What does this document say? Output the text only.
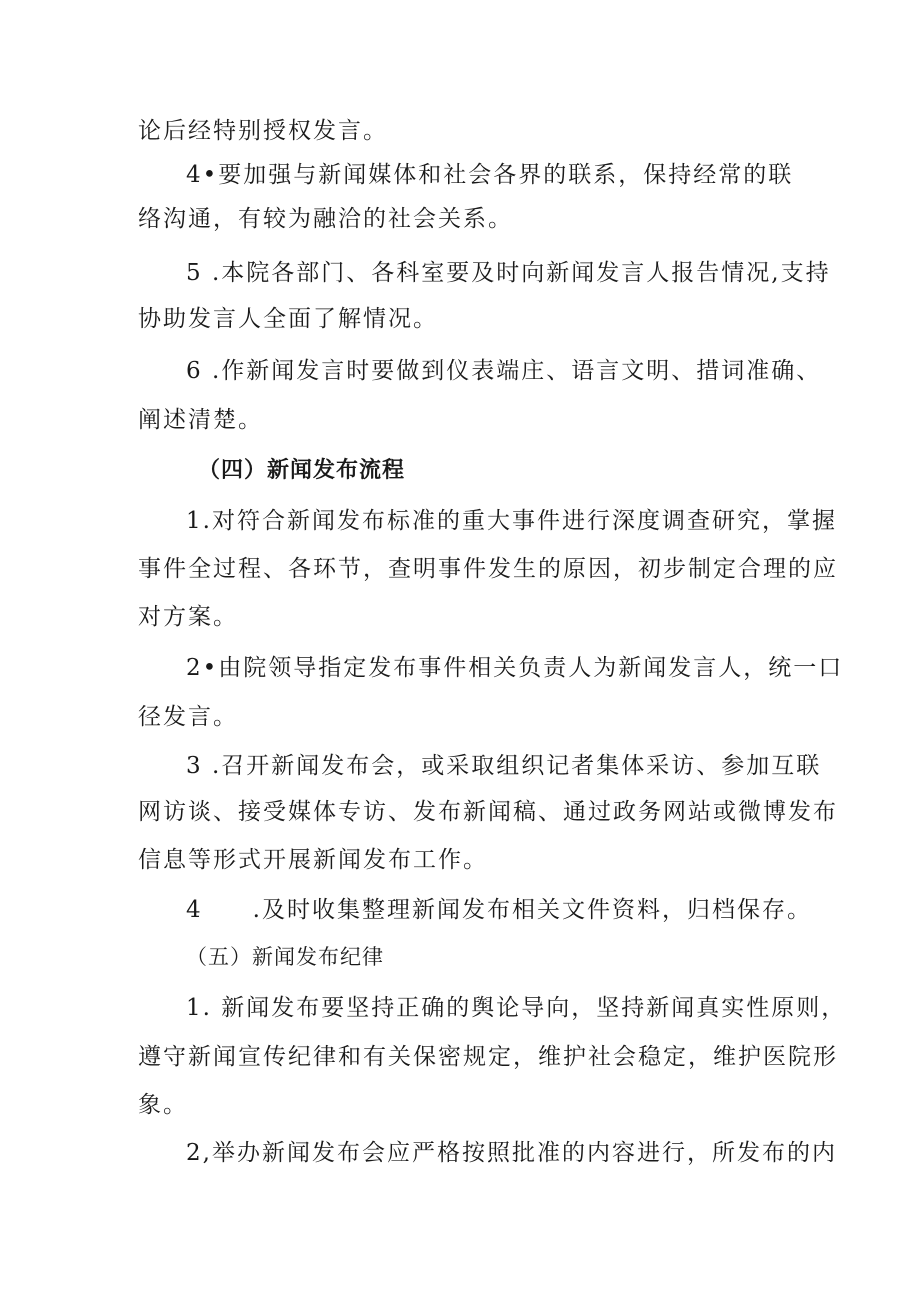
论后经特别授权发言。
4•要加强与新闻媒体和社会各界的联系，保持经常的联
络沟通，有较为融洽的社会关系。
5 .本院各部门、各科室要及时向新闻发言人报告情况,支持
协助发言人全面了解情况。
6 .作新闻发言时要做到仪表端庄、语言文明、措词准确、
阐述清楚。
（四）新闻发布流程
1.对符合新闻发布标准的重大事件进行深度调查研究，掌握
事件全过程、各环节，查明事件发生的原因，初步制定合理的应
对方案。
2•由院领导指定发布事件相关负责人为新闻发言人，统一口
径发言。
3 .召开新闻发布会，或采取组织记者集体采访、参加互联
网访谈、接受媒体专访、发布新闻稿、通过政务网站或微博发布
信息等形式开展新闻发布工作。
4　　.及时收集整理新闻发布相关文件资料，归档保存。
（五）新闻发布纪律
1. 新闻发布要坚持正确的舆论导向，坚持新闻真实性原则，
遵守新闻宣传纪律和有关保密规定，维护社会稳定，维护医院形
象。
2,举办新闻发布会应严格按照批准的内容进行，所发布的内
